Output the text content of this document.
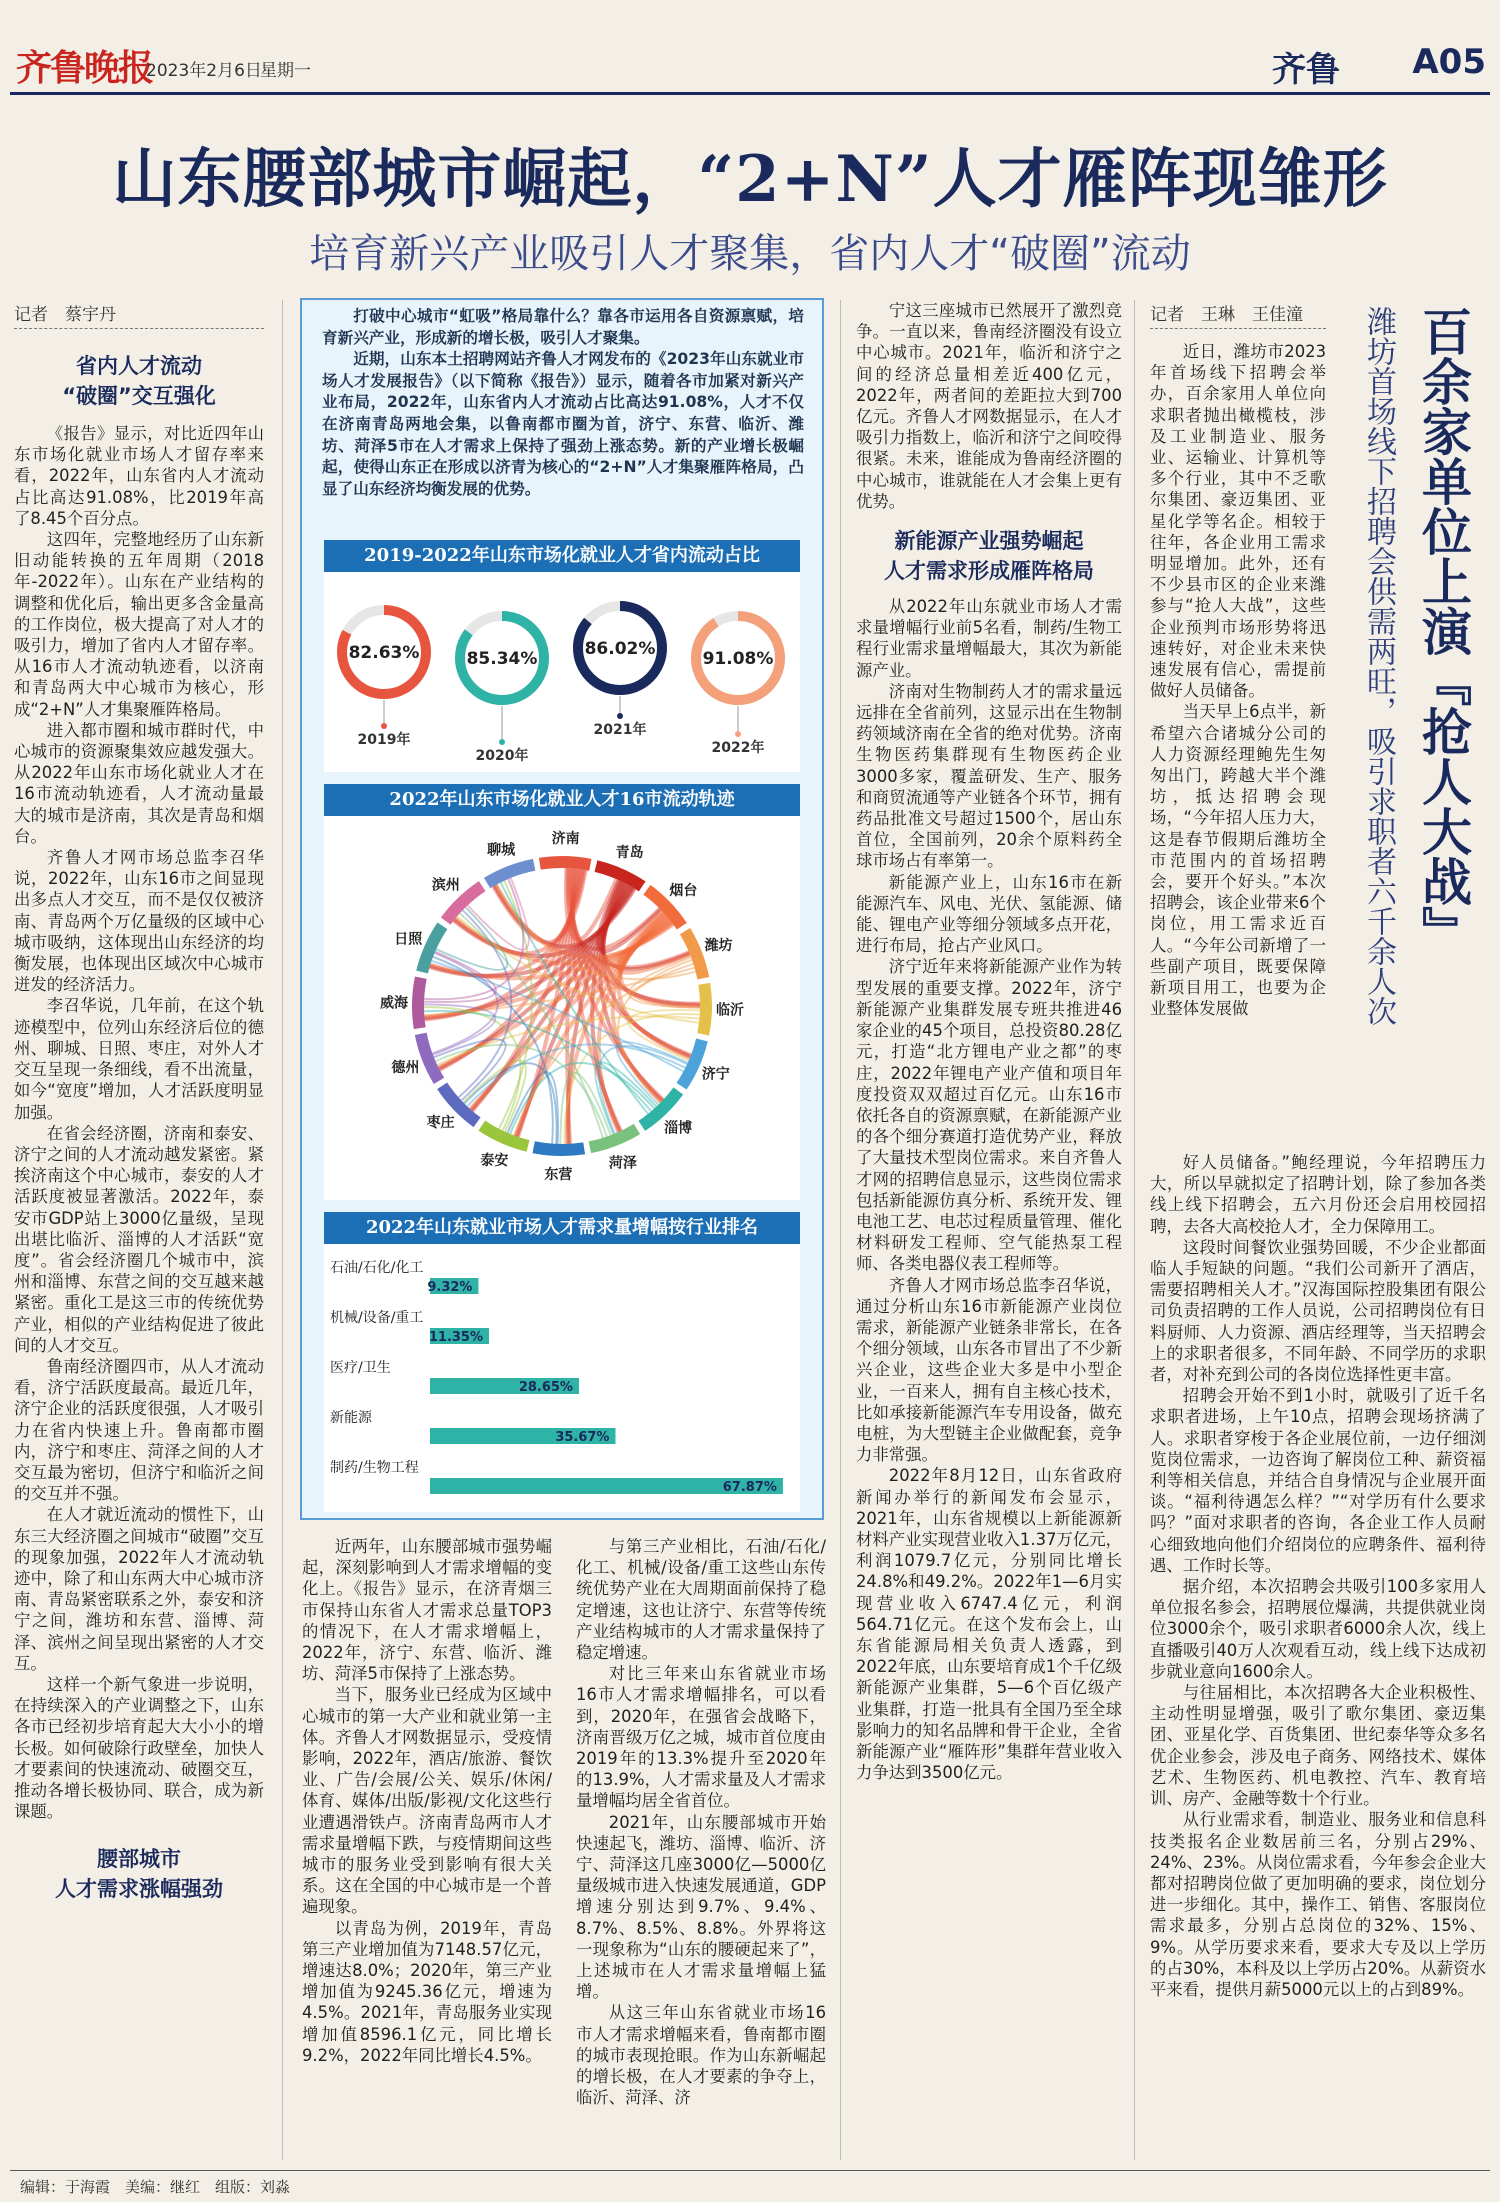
齐鲁晚报
2023年2月6日
星期一	齐鲁 A05
山东腰部城市崛起，“2+N”人才雁阵现雏形
培育新兴产业吸引人才聚集，省内人才“破圈”流动
记者　蔡宇丹
省内人才流动
“破圈”交互强化

《报告》显示，对比近四年山东市场化就业市场人才留存率来看，2022年，山东省内人才流动占比高达91.08%，比2019年高了8.45个百分点。

这四年，完整地经历了山东新旧动能转换的五年周期（2018年-2022年）。山东在产业结构的调整和优化后，输出更多含金量高的工作岗位，极大提高了对人才的吸引力，增加了省内人才留存率。从16市人才流动轨迹看，以济南和青岛两大中心城市为核心，形成“2+N”人才集聚雁阵格局。

进入都市圈和城市群时代，中心城市的资源聚集效应越发强大。从2022年山东市场化就业人才在16市流动轨迹看，人才流动量最大的城市是济南，其次是青岛和烟台。

齐鲁人才网市场总监李召华说，2022年，山东16市之间显现出多点人才交互，而不是仅仅被济南、青岛两个万亿量级的区域中心城市吸纳，这体现出山东经济的均衡发展，也体现出区域次中心城市迸发的经济活力。

李召华说，几年前，在这个轨迹模型中，位列山东经济后位的德州、聊城、日照、枣庄，对外人才交互呈现一条细线，看不出流量，如今“宽度”增加，人才活跃度明显加强。

在省会经济圈，济南和泰安、济宁之间的人才流动越发紧密。紧挨济南这个中心城市，泰安的人才活跃度被显著激活。2022年，泰安市GDP站上3000亿量级，呈现出堪比临沂、淄博的人才活跃“宽度”。省会经济圈几个城市中，滨州和淄博、东营之间的交互越来越紧密。重化工是这三市的传统优势产业，相似的产业结构促进了彼此间的人才交互。

鲁南经济圈四市，从人才流动看，济宁活跃度最高。最近几年，济宁企业的活跃度很强，人才吸引力在省内快速上升。鲁南都市圈内，济宁和枣庄、菏泽之间的人才交互最为密切，但济宁和临沂之间的交互并不强。

在人才就近流动的惯性下，山东三大经济圈之间城市“破圈”交互的现象加强，2022年人才流动轨迹中，除了和山东两大中心城市济南、青岛紧密联系之外，泰安和济宁之间，潍坊和东营、淄博、菏泽、滨州之间呈现出紧密的人才交互。

这样一个新气象进一步说明，在持续深入的产业调整之下，山东各市已经初步培育起大大小小的增长极。如何破除行政壁垒，加快人才要素间的快速流动、破圈交互，推动各增长极协同、联合，成为新课题。

腰部城市
人才需求涨幅强劲

打破中心城市“虹吸”格局靠什么？靠各市运用各自资源禀赋，培育新兴产业，形成新的增长极，吸引人才聚集。

近期，山东本土招聘网站齐鲁人才网发布的《2023年山东就业市场人才发展报告》（以下简称《报告》）显示，随着各市加紧对新兴产业布局，2022年，山东省内人才流动占比高达91.08%，人才不仅在济南青岛两地会集，以鲁南都市圈为首，济宁、东营、临沂、潍坊、菏泽5市在人才需求上保持了强劲上涨态势。新的产业增长极崛起，使得山东正在形成以济青为核心的“2+N”人才集聚雁阵格局，凸显了山东经济均衡发展的优势。

2019-2022年山东市场化就业人才省内流动占比
82.63%
2019年
85.34%
2020年
86.02%
2021年
91.08%
2022年
2022年山东市场化就业人才16市流动轨迹
济南
青岛
烟台
潍坊
临沂
济宁
淄博
菏泽
东营
泰安
枣庄
德州
威海
日照
滨州
聊城
2022年山东就业市场人才需求量增幅按行业排名
石油/石化/化工
9.32%
机械/设备/重工
11.35%
医疗/卫生
28.65%
新能源
35.67%
制药/生物工程
67.87%

近两年，山东腰部城市强势崛起，深刻影响到人才需求增幅的变化上。《报告》显示，在济青烟三市保持山东省人才需求总量TOP3的情况下，在人才需求增幅上，2022年，济宁、东营、临沂、潍坊、菏泽5市保持了上涨态势。

当下，服务业已经成为区域中心城市的第一大产业和就业第一主体。齐鲁人才网数据显示，受疫情影响，2022年，酒店/旅游、餐饮业、广告/会展/公关、娱乐/休闲/体育、媒体/出版/影视/文化这些行业遭遇滑铁卢。济南青岛两市人才需求量增幅下跌，与疫情期间这些城市的服务业受到影响有很大关系。这在全国的中心城市是一个普遍现象。

以青岛为例，2019年，青岛第三产业增加值为7148.57亿元，增速达8.0%；2020年，第三产业增加值为9245.36亿元，增速为4.5%。2021年，青岛服务业实现增加值8596.1亿元，同比增长9.2%，2022年同比增长4.5%。

与第三产业相比，石油/石化/化工、机械/设备/重工这些山东传统优势产业在大周期面前保持了稳定增速，这也让济宁、东营等传统产业结构城市的人才需求量保持了稳定增速。

对比三年来山东省就业市场16市人才需求增幅排名，可以看到，2020年，在强省会战略下，济南晋级万亿之城，城市首位度由2019年的13.3%提升至2020年的13.9%，人才需求量及人才需求量增幅均居全省首位。

2021年，山东腰部城市开始快速起飞，潍坊、淄博、临沂、济宁、菏泽这几座3000亿—5000亿量级城市进入快速发展通道，GDP增速分别达到9.7%、9.4%、8.7%、8.5%、8.8%。外界将这一现象称为“山东的腰硬起来了”，上述城市在人才需求量增幅上猛增。

从这三年山东省就业市场16市人才需求增幅来看，鲁南都市圈的城市表现抢眼。作为山东新崛起的增长极，在人才要素的争夺上，临沂、菏泽、济

宁这三座城市已然展开了激烈竞争。一直以来，鲁南经济圈没有设立中心城市。2021年，临沂和济宁之间的经济总量相差近400亿元，2022年，两者间的差距拉大到700亿元。齐鲁人才网数据显示，在人才吸引力指数上，临沂和济宁之间咬得很紧。未来，谁能成为鲁南经济圈的中心城市，谁就能在人才会集上更有优势。

新能源产业强势崛起
人才需求形成雁阵格局

从2022年山东就业市场人才需求量增幅行业前5名看，制药/生物工程行业需求量增幅最大，其次为新能源产业。

济南对生物制药人才的需求量远远排在全省前列，这显示出在生物制药领域济南在全省的绝对优势。济南生物医药集群现有生物医药企业3000多家，覆盖研发、生产、服务和商贸流通等产业链各个环节，拥有药品批准文号超过1500个，居山东首位，全国前列，20余个原料药全球市场占有率第一。

新能源产业上，山东16市在新能源汽车、风电、光伏、氢能源、储能、锂电产业等细分领域多点开花，进行布局，抢占产业风口。

济宁近年来将新能源产业作为转型发展的重要支撑。2022年，济宁新能源产业集群发展专班共推进46家企业的45个项目，总投资80.28亿元，打造“北方锂电产业之都”的枣庄，2022年锂电产业产值和项目年度投资双双超过百亿元。山东16市依托各自的资源禀赋，在新能源产业的各个细分赛道打造优势产业，释放了大量技术型岗位需求。来自齐鲁人才网的招聘信息显示，这些岗位需求包括新能源仿真分析、系统开发、锂电池工艺、电芯过程质量管理、催化材料研发工程师、空气能热泵工程师、各类电器仪表工程师等。

齐鲁人才网市场总监李召华说，通过分析山东16市新能源产业岗位需求，新能源产业链条非常长，在各个细分领域，山东各市冒出了不少新兴企业，这些企业大多是中小型企业，一百来人，拥有自主核心技术，比如承接新能源汽车专用设备，做充电桩，为大型链主企业做配套，竞争力非常强。

2022年8月12日，山东省政府新闻办举行的新闻发布会显示，2021年，山东省规模以上新能源新材料产业实现营业收入1.37万亿元，利润1079.7亿元，分别同比增长24.8%和49.2%。2022年1—6月实现营业收入6747.4亿元，利润564.71亿元。在这个发布会上，山东省能源局相关负责人透露，到2022年底，山东要培育成1个千亿级新能源产业集群，5—6个百亿级产业集群，打造一批具有全国乃至全球影响力的知名品牌和骨干企业，全省新能源产业“雁阵形”集群年营业收入力争达到3500亿元。

记者　王琳　王佳潼

近日，潍坊市2023年首场线下招聘会举办，百余家用人单位向求职者抛出橄榄枝，涉及工业制造业、服务业、运输业、计算机等多个行业，其中不乏歌尔集团、豪迈集团、亚星化学等名企。相较于往年，各企业用工需求明显增加。此外，还有不少县市区的企业来潍参与“抢人大战”，这些企业预判市场形势将迅速转好，对企业未来快速发展有信心，需提前做好人员储备。

当天早上6点半，新希望六合诸城分公司的人力资源经理鲍先生匆匆出门，跨越大半个潍坊，抵达招聘会现场，“今年招人压力大，这是春节假期后潍坊全市范围内的首场招聘会，要开个好头。”本次招聘会，该企业带来6个岗位，用工需求近百人。“今年公司新增了一些副产项目，既要保障新项目用工，也要为企业整体发展做

百余家单位上演『抢人大战』
潍坊首场线下招聘会供需两旺，吸引求职者六千余人次

好人员储备。”鲍经理说，今年招聘压力大，所以早就拟定了招聘计划，除了参加各类线上线下招聘会，五六月份还会启用校园招聘，去各大高校抢人才，全力保障用工。

这段时间餐饮业强势回暖，不少企业都面临人手短缺的问题。“我们公司新开了酒店，需要招聘相关人才。”汉海国际控股集团有限公司负责招聘的工作人员说，公司招聘岗位有日料厨师、人力资源、酒店经理等，当天招聘会上的求职者很多，不同年龄、不同学历的求职者，对补充到公司的各岗位选择性更丰富。

招聘会开始不到1小时，就吸引了近千名求职者进场，上午10点，招聘会现场挤满了人。求职者穿梭于各企业展位前，一边仔细浏览岗位需求，一边咨询了解岗位工种、薪资福利等相关信息，并结合自身情况与企业展开面谈。“福利待遇怎么样？”“对学历有什么要求吗？”面对求职者的咨询，各企业工作人员耐心细致地向他们介绍岗位的应聘条件、福利待遇、工作时长等。

据介绍，本次招聘会共吸引100多家用人单位报名参会，招聘展位爆满，共提供就业岗位3000余个，吸引求职者6000余人次，线上直播吸引40万人次观看互动，线上线下达成初步就业意向1600余人。

与往届相比，本次招聘各大企业积极性、主动性明显增强，吸引了歌尔集团、豪迈集团、亚星化学、百货集团、世纪泰华等众多名优企业参会，涉及电子商务、网络技术、媒体艺术、生物医药、机电教控、汽车、教育培训、房产、金融等数十个行业。

从行业需求看，制造业、服务业和信息科技类报名企业数居前三名，分别占29%、24%、23%。从岗位需求看，今年参会企业大都对招聘岗位做了更加明确的要求，岗位划分进一步细化。其中，操作工、销售、客服岗位需求最多，分别占总岗位的32%、15%、9%。从学历要求来看，要求大专及以上学历的占30%，本科及以上学历占20%。从薪资水平来看，提供月薪5000元以上的占到89%。

编辑：于海霞　美编：继红　组版：刘淼
